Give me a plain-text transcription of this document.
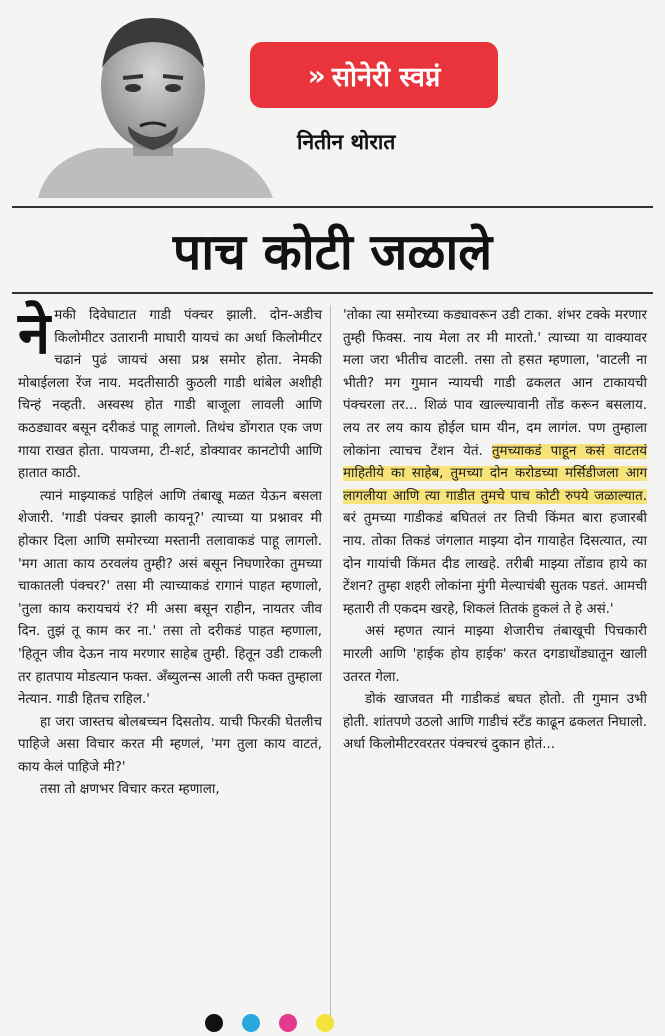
» सोनेरी स्वप्नं
नितीन थोरात
पाच कोटी जळाले

नेमकी दिवेघाटात गाडी पंक्चर झाली. दोन-अडीच किलोमीटर उतारानी माघारी यायचं का अर्धा किलोमीटर चढानं पुढं जायचं असा प्रश्न समोर होता. नेमकी मोबाईलला रेंज नाय. मदतीसाठी कुठली गाडी थांबेल अशीही चिन्हं नव्हती. अस्वस्थ होत गाडी बाजूला लावली आणि कठड्यावर बसून दरीकडं पाहू लागलो. तिथंच डोंगरात एक जण गाया राखत होता. पायजमा, टी-शर्ट, डोक्यावर कानटोपी आणि हातात काठी.

त्यानं माझ्याकडं पाहिलं आणि तंबाखू मळत येऊन बसला शेजारी. 'गाडी पंक्चर झाली कायनू?' त्याच्या या प्रश्नावर मी होकार दिला आणि समोरच्या मस्तानी तलावाकडं पाहू लागलो. 'मग आता काय ठरवलंय तुम्ही? असं बसून निघणारेका तुमच्या चाकातली पंक्चर?' तसा मी त्याच्याकडं रागानं पाहत म्हणालो, 'तुला काय करायचयं रं? मी असा बसून राहीन, नायतर जीव दिन. तुझं तू काम कर ना.' तसा तो दरीकडं पाहत म्हणाला, 'हितून जीव देऊन नाय मरणार साहेब तुम्ही. हितून उडी टाकली तर हातपाय मोडत्यान फक्त. अँब्युलन्स आली तरी फक्त तुम्हाला नेत्यान. गाडी हितच राहिल.'

हा जरा जास्तच बोलबच्चन दिसतोय. याची फिरकी घेतलीच पाहिजे असा विचार करत मी म्हणलं, 'मग तुला काय वाटतं, काय केलं पाहिजे मी?'

तसा तो क्षणभर विचार करत म्हणाला,

'तोका त्या समोरच्या कड्यावरून उडी टाका. शंभर टक्के मरणार तुम्ही फिक्स. नाय मेला तर मी मारतो.' त्याच्या या वाक्यावर मला जरा भीतीच वाटली. तसा तो हसत म्हणाला, 'वाटली ना भीती? मग गुमान न्यायची गाडी ढकलत आन टाकायची पंक्चरला तर... शिळं पाव खाल्ल्यावानी तोंड करून बसलाय. लय तर लय काय होईल घाम यीन, दम लागंल. पण तुम्हाला लोकांना त्याचच टेंशन येतं. तुमच्याकडं पाहून कसं वाटतयं माहितीये का साहेब, तुमच्या दोन करोडच्या मर्सिडीजला आग लागलीया आणि त्या गाडीत तुमचे पाच कोटी रुपये जळाल्यात. बरं तुमच्या गाडीकडं बघितलं तर तिची किंमत बारा हजारबी नाय. तोका तिकडं जंगलात माझ्या दोन गायाहेत दिसत्यात, त्या दोन गायांची किंमत दीड लाखहे. तरीबी माझ्या तोंडाव हाये का टेंशन? तुम्हा शहरी लोकांना मुंगी मेल्याचंबी सुतक पडतं. आमची म्हतारी ती एकदम खरहे, शिकलं तितकं हुकलं ते हे असं.'

असं म्हणत त्यानं माझ्या शेजारीच तंबाखूची पिचकारी मारली आणि 'हाईक होय हाईक' करत दगडाधोंड्यातून खाली उतरत गेला.

डोकं खाजवत मी गाडीकडं बघत होतो. ती गुमान उभी होती. शांतपणे उठलो आणि गाडीचं स्टँड काढून ढकलत निघालो. अर्धा किलोमीटरवरतर पंक्चरचं दुकान होतं...
